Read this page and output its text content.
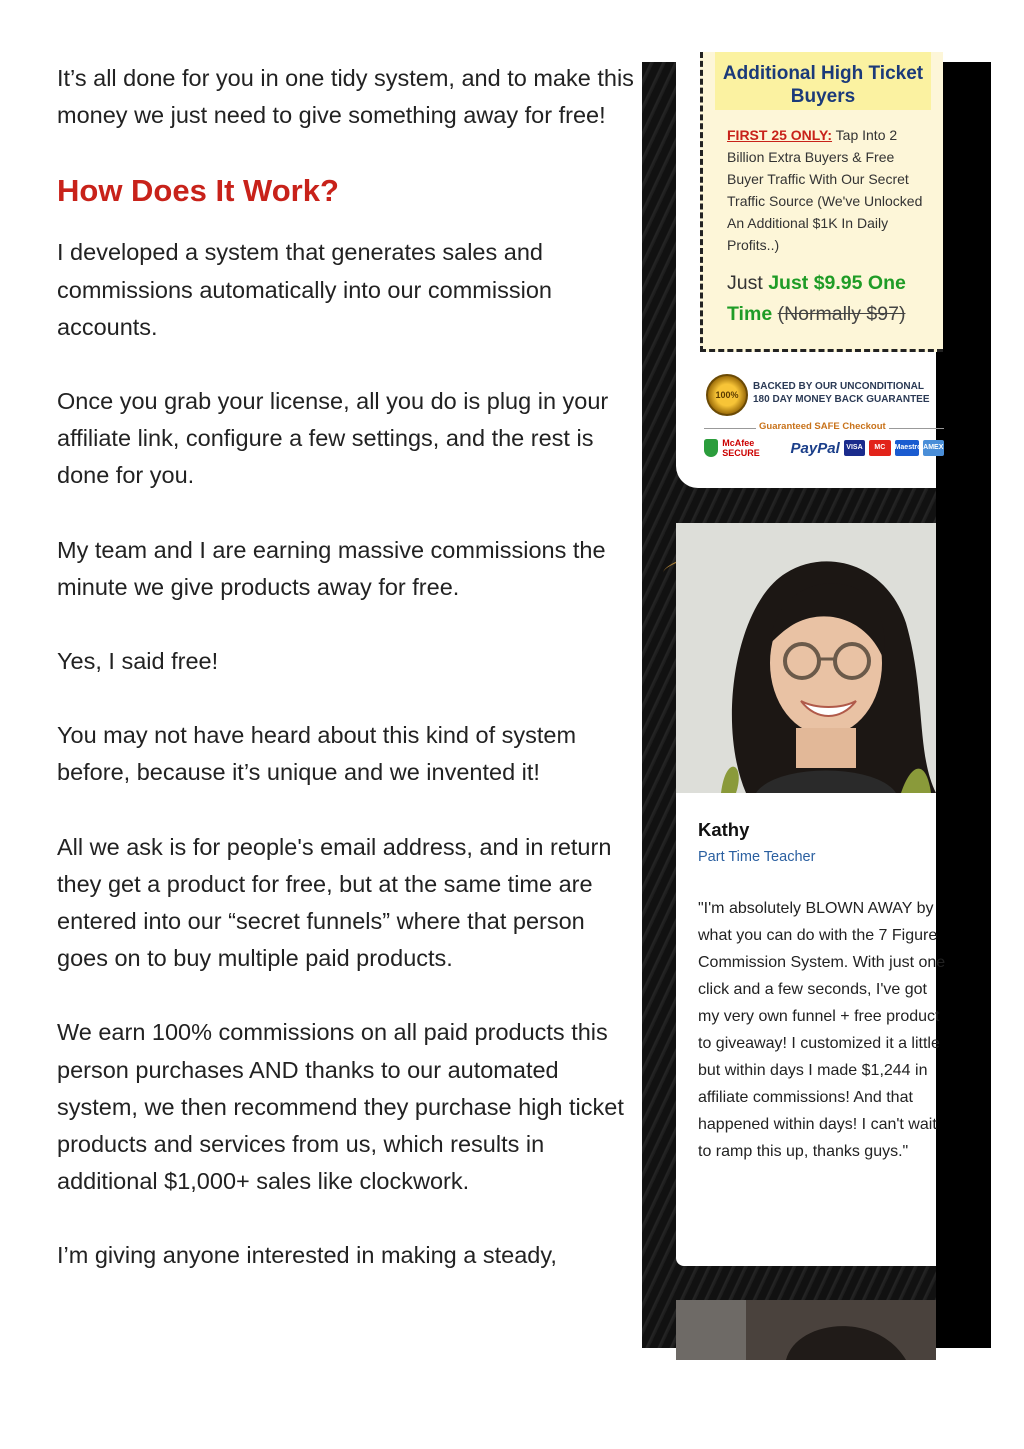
It’s all done for you in one tidy system, and to make this money we just need to give something away for free!

How Does It Work?

I developed a system that generates sales and commissions automatically into our commission accounts.

Once you grab your license, all you do is plug in your affiliate link, configure a few settings, and the rest is done for you.

My team and I are earning massive commissions the minute we give products away for free.

Yes, I said free!

You may not have heard about this kind of system before, because it’s unique and we invented it!

All we ask is for people's email address, and in return they get a product for free, but at the same time are entered into our “secret funnels” where that person goes on to buy multiple paid products.

We earn 100% commissions on all paid products this person purchases AND thanks to our automated system, we then recommend they purchase high ticket products and services from us, which results in additional $1,000+ sales like clockwork.

I’m giving anyone interested in making a steady,

Additional High Ticket Buyers
FIRST 25 ONLY: Tap Into 2 Billion Extra Buyers & Free Buyer Traffic With Our Secret Traffic Source (We've Unlocked An Additional $1K In Daily Profits..)
Just Just $9.95 One Time (Normally $97)
100%
BACKED BY OUR UNCONDITIONAL
180 DAY MONEY BACK GUARANTEE
Guaranteed SAFE Checkout
McAfee SECURE	PayPal VISA	MC	Maestro AMEX
Kathy
Part Time Teacher
"I'm absolutely BLOWN AWAY by what you can do with the 7 Figure Commission System. With just one click and a few seconds, I've got my very own funnel + free product to giveaway! I customized it a little but within days I made $1,244 in affiliate commissions! And that happened within days! I can't wait to ramp this up, thanks guys."
